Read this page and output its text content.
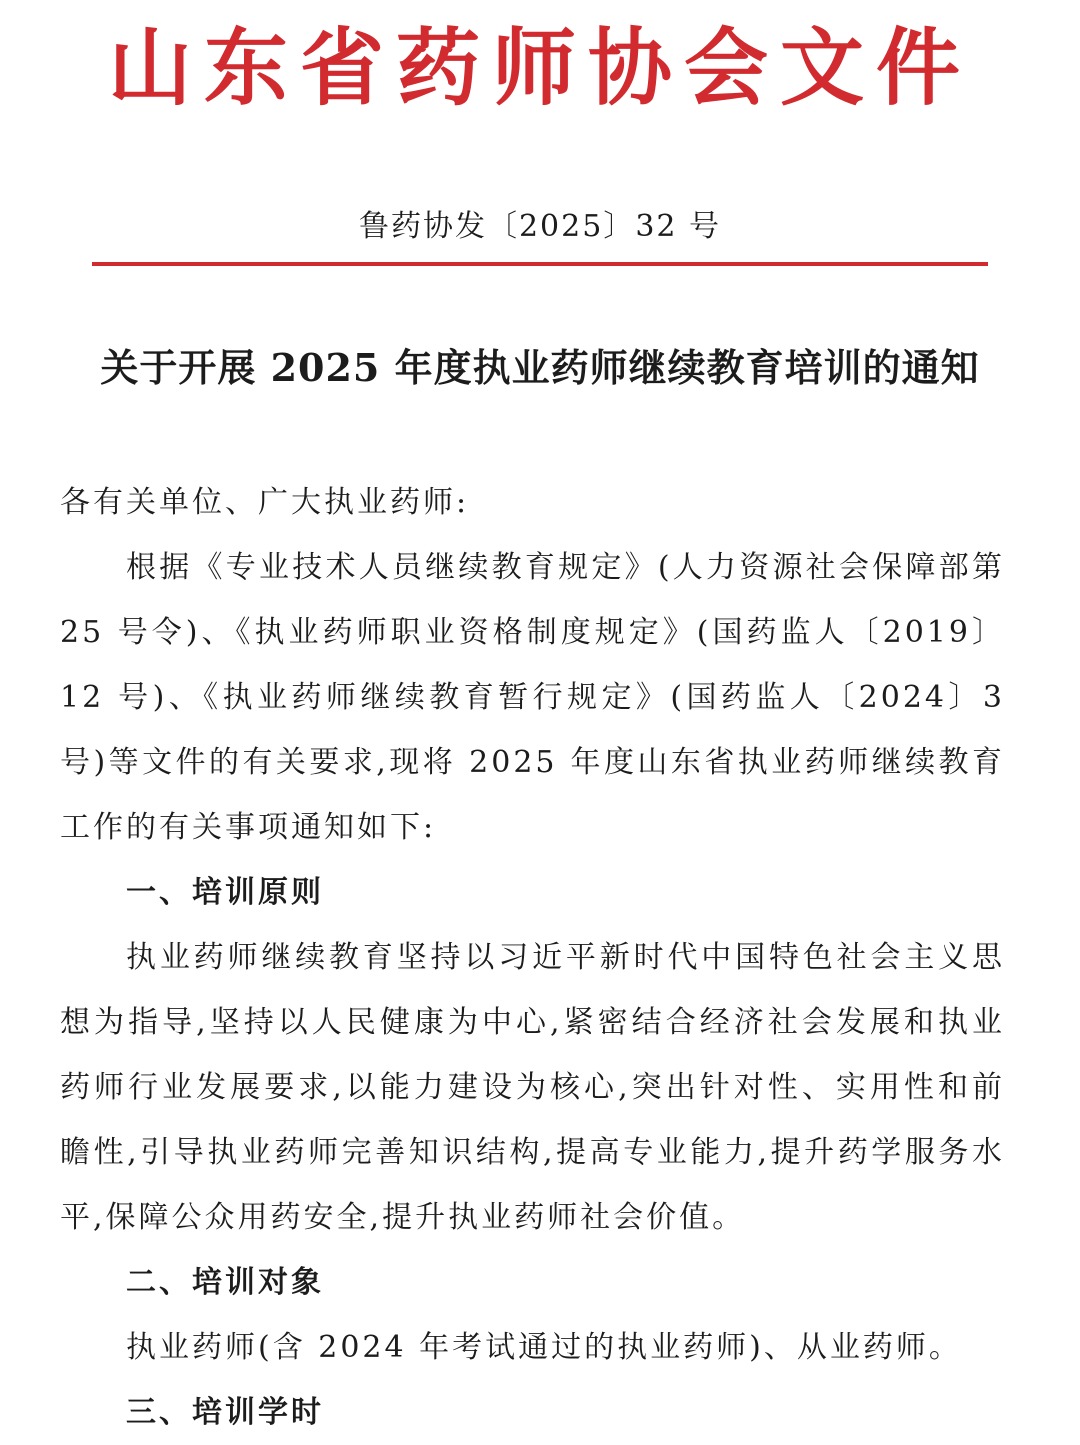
山东省药师协会文件
鲁药协发〔2025〕32 号
关于开展 2025 年度执业药师继续教育培训的通知

各有关单位、广大执业药师:

根据《专业技术人员继续教育规定》(人力资源社会保障部第 25 号令)、《执业药师职业资格制度规定》(国药监人〔2019〕12 号)、《执业药师继续教育暂行规定》(国药监人〔2024〕3 号)等文件的有关要求,现将 2025 年度山东省执业药师继续教育工作的有关事项通知如下:

一、培训原则

执业药师继续教育坚持以习近平新时代中国特色社会主义思想为指导,坚持以人民健康为中心,紧密结合经济社会发展和执业药师行业发展要求,以能力建设为核心,突出针对性、实用性和前瞻性,引导执业药师完善知识结构,提高专业能力,提升药学服务水平,保障公众用药安全,提升执业药师社会价值。

二、培训对象

执业药师(含 2024 年考试通过的执业药师)、从业药师。

三、培训学时
